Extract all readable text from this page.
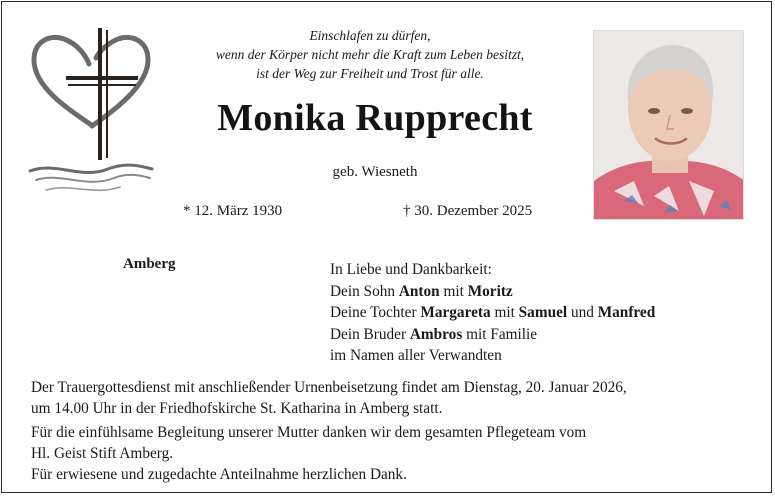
Einschlafen zu dürfen,
wenn der Körper nicht mehr die Kraft zum Leben besitzt,
ist der Weg zur Freiheit und Trost für alle.
Monika Rupprecht
geb. Wiesneth
* 12. März 1930	† 30. Dezember 2025
Amberg	In Liebe und Dankbarkeit:
Dein Sohn Anton mit Moritz
Deine Tochter Margareta mit Samuel und Manfred
Dein Bruder Ambros mit Familie
im Namen aller Verwandten
Der Trauergottesdienst mit anschließender Urnenbeisetzung findet am Dienstag, 20. Januar 2026,
um 14.00 Uhr in der Friedhofskirche St. Katharina in Amberg statt.
Für die einfühlsame Begleitung unserer Mutter danken wir dem gesamten Pflegeteam vom
Hl. Geist Stift Amberg.
Für erwiesene und zugedachte Anteilnahme herzlichen Dank.
